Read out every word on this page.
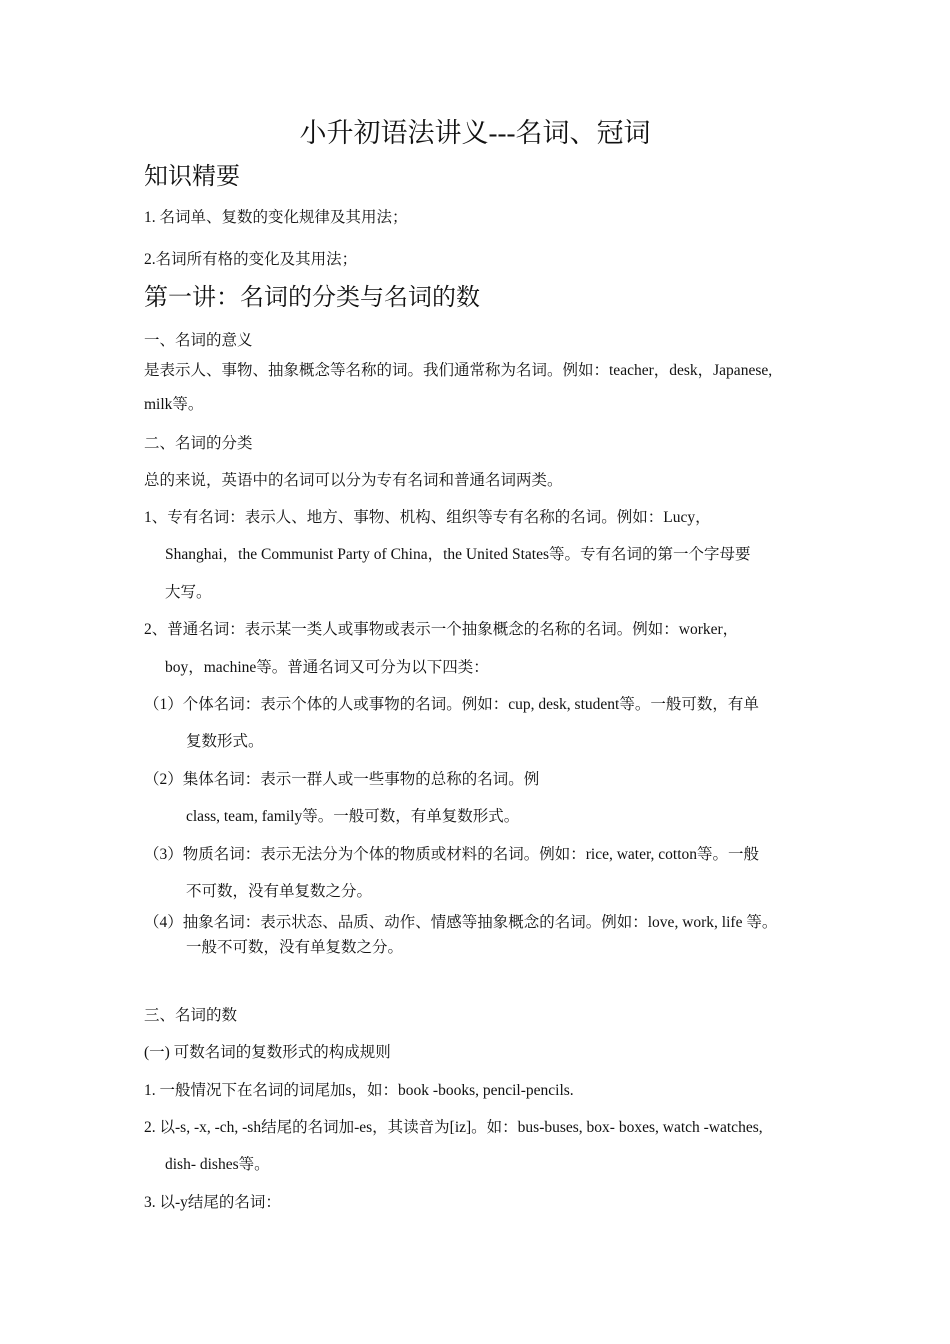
小升初语法讲义---名词、冠词
知识精要
1. 名词单、复数的变化规律及其用法；
2.名词所有格的变化及其用法；
第一讲：名词的分类与名词的数
一、名词的意义
是表示人、事物、抽象概念等名称的词。我们通常称为名词。例如：teacher，desk，Japanese,
milk等。
二、名词的分类
总的来说，英语中的名词可以分为专有名词和普通名词两类。
1、专有名词：表示人、地方、事物、机构、组织等专有名称的名词。例如：Lucy，
Shanghai，the Communist Party of China，the United States等。专有名词的第一个字母要
大写。
2、普通名词：表示某一类人或事物或表示一个抽象概念的名称的名词。例如：worker，
boy，machine等。普通名词又可分为以下四类：
（1）个体名词：表示个体的人或事物的名词。例如：cup, desk, student等。一般可数，有单
复数形式。
（2）集体名词：表示一群人或一些事物的总称的名词。例
class, team, family等。一般可数，有单复数形式。
（3）物质名词：表示无法分为个体的物质或材料的名词。例如：rice, water, cotton等。一般
不可数，没有单复数之分。
（4）抽象名词：表示状态、品质、动作、情感等抽象概念的名词。例如：love, work, life 等。
一般不可数，没有单复数之分。
三、名词的数
(一) 可数名词的复数形式的构成规则
1. 一般情况下在名词的词尾加s，如：book -books, pencil-pencils.
2. 以-s, -x, -ch, -sh结尾的名词加-es，其读音为[iz]。如：bus-buses, box- boxes, watch -watches,
dish- dishes等。
3. 以-y结尾的名词：
